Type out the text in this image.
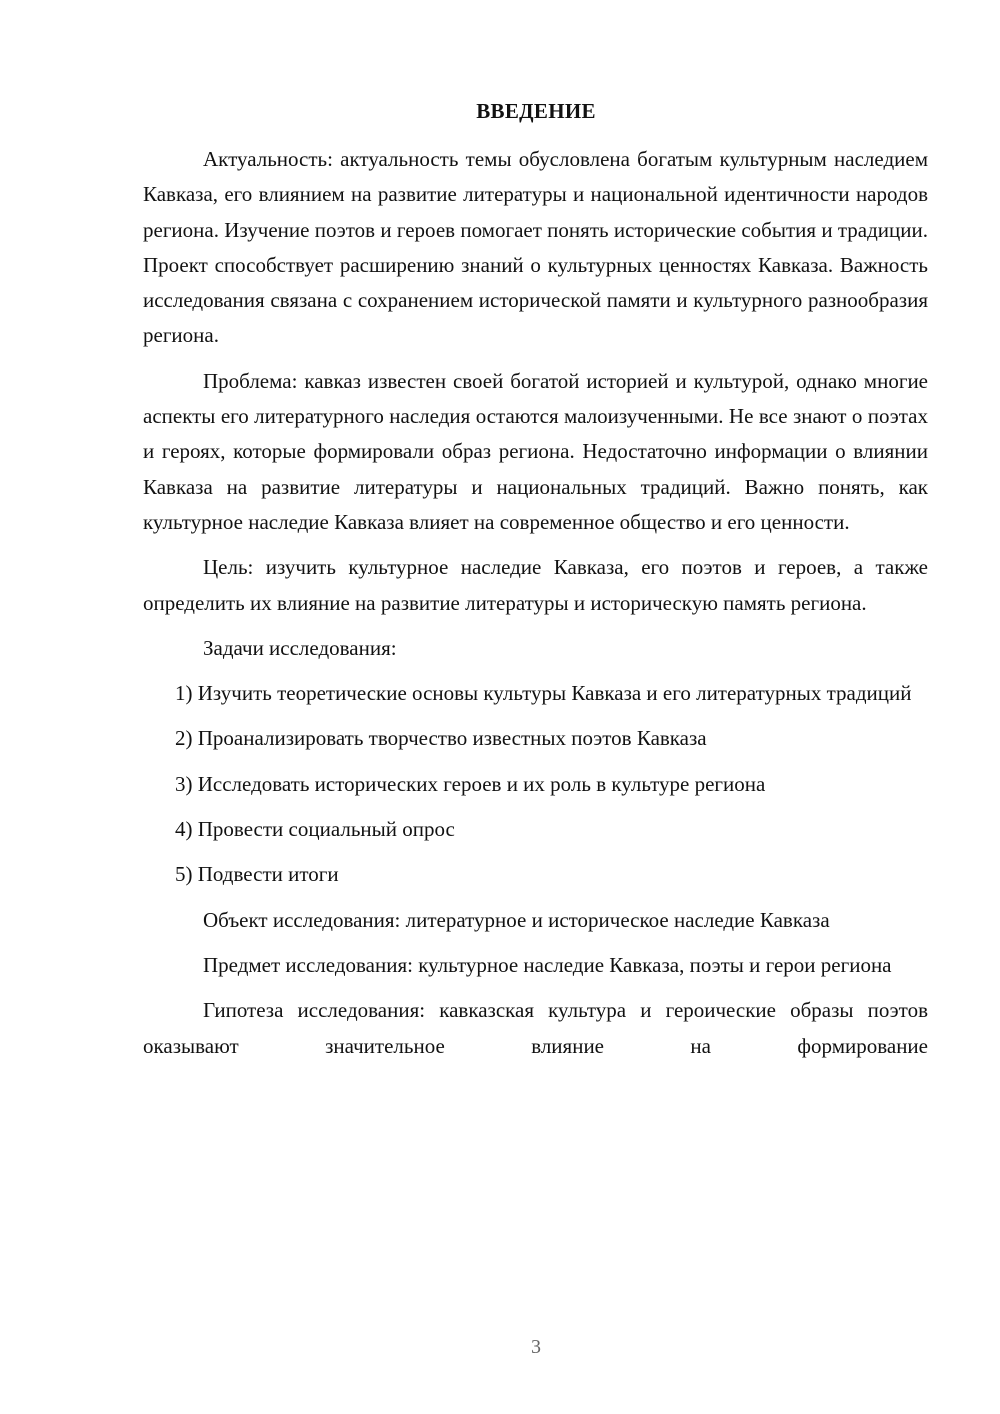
ВВЕДЕНИЕ

Актуальность: актуальность темы обусловлена богатым культурным наследием Кавказа, его влиянием на развитие литературы и национальной идентичности народов региона. Изучение поэтов и героев помогает понять исторические события и традиции. Проект способствует расширению знаний о культурных ценностях Кавказа. Важность исследования связана с сохранением исторической памяти и культурного разнообразия региона.

Проблема: кавказ известен своей богатой историей и культурой, однако многие аспекты его литературного наследия остаются малоизученными. Не все знают о поэтах и героях, которые формировали образ региона. Недостаточно информации о влиянии Кавказа на развитие литературы и национальных традиций. Важно понять, как культурное наследие Кавказа влияет на современное общество и его ценности.

Цель: изучить культурное наследие Кавказа, его поэтов и героев, а также определить их влияние на развитие литературы и историческую память региона.

Задачи исследования:

1) Изучить теоретические основы культуры Кавказа и его литературных традиций

2) Проанализировать творчество известных поэтов Кавказа

3) Исследовать исторических героев и их роль в культуре региона

4) Провести социальный опрос

5) Подвести итоги

Объект исследования: литературное и историческое наследие Кавказа

Предмет исследования: культурное наследие Кавказа, поэты и герои региона

Гипотеза исследования: кавказская культура и героические образы поэтов оказывают значительное влияние на формирование

3
